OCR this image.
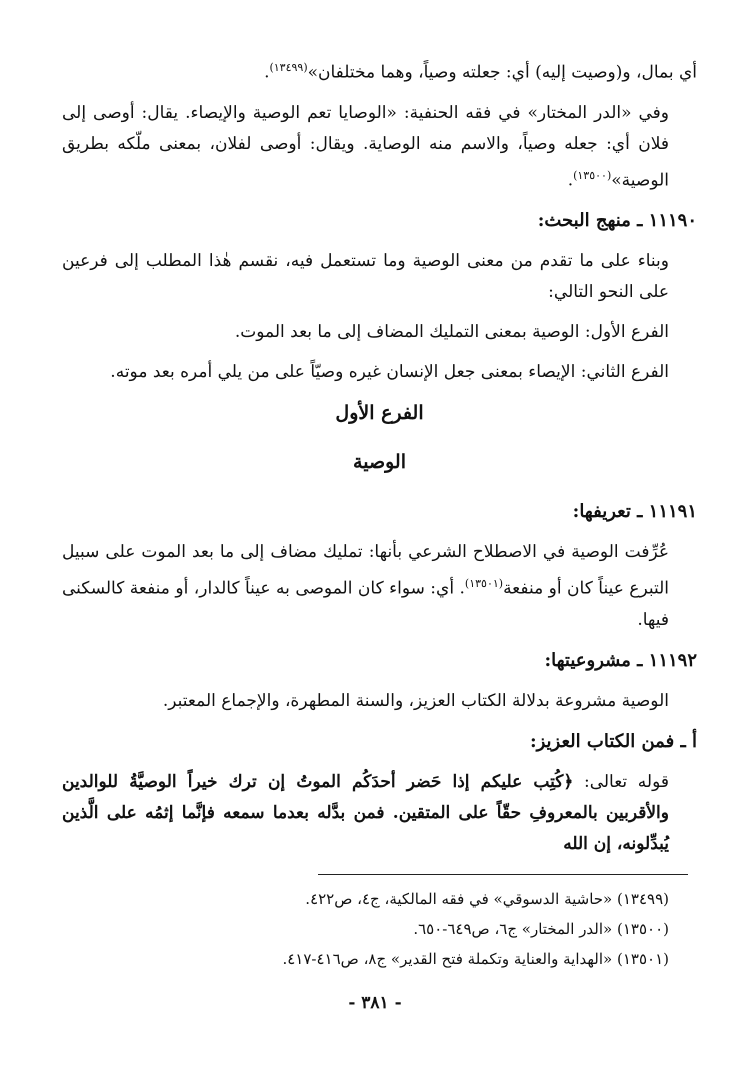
أي بمال، و(وصيت إليه) أي: جعلته وصياً، وهما مختلفان»$^{(١٣٤٩٩)}$.

وفي «الدر المختار» في فقه الحنفية: «الوصايا تعم الوصية والإيصاء. يقال: أوصى إلى فلان أي: جعله وصياً، والاسم منه الوصاية. ويقال: أوصى لفلان، بمعنى ملّكه بطريق الوصية»$^{(١٣٥٠٠)}$.

١١١٩٠ ـ منهج البحث:

وبناء على ما تقدم من معنى الوصية وما تستعمل فيه، نقسم هٰذا المطلب إلى فرعين على النحو التالي:

الفرع الأول: الوصية بمعنى التمليك المضاف إلى ما بعد الموت.

الفرع الثاني: الإيصاء بمعنى جعل الإنسان غيره وصيّاً على من يلي أمره بعد موته.

الفرع الأول
الوصية
١١١٩١ ـ تعريفها:

عُرِّفت الوصية في الاصطلاح الشرعي بأنها: تمليك مضاف إلى ما بعد الموت على سبيل التبرع عيناً كان أو منفعة$^{(١٣٥٠١)}$. أي: سواء كان الموصى به عيناً كالدار، أو منفعة كالسكنى فيها.

١١١٩٢ ـ مشروعيتها:

الوصية مشروعة بدلالة الكتاب العزيز، والسنة المطهرة، والإجماع المعتبر.

أ ـ فمن الكتاب العزيز:

قوله تعالى: ﴿كُتِب عليكم إذا حَضر أحدَكُم الموتُ إن ترك خيراً الوصيَّةُ للوالدين والأقربين بالمعروفِ حقّاً على المتقين. فمن بدَّله بعدما سمعه فإنَّما إثمُه على الَّذين يُبدِّلونه، إن الله

(١٣٤٩٩) «حاشية الدسوقي» في فقه المالكية، ج٤، ص٤٢٢.

(١٣٥٠٠) «الدر المختار» ج٦، ص٦٤٩-٦٥٠.

(١٣٥٠١) «الهداية والعناية وتكملة فتح القدير» ج٨، ص٤١٦-٤١٧.

- ٣٨١ -
